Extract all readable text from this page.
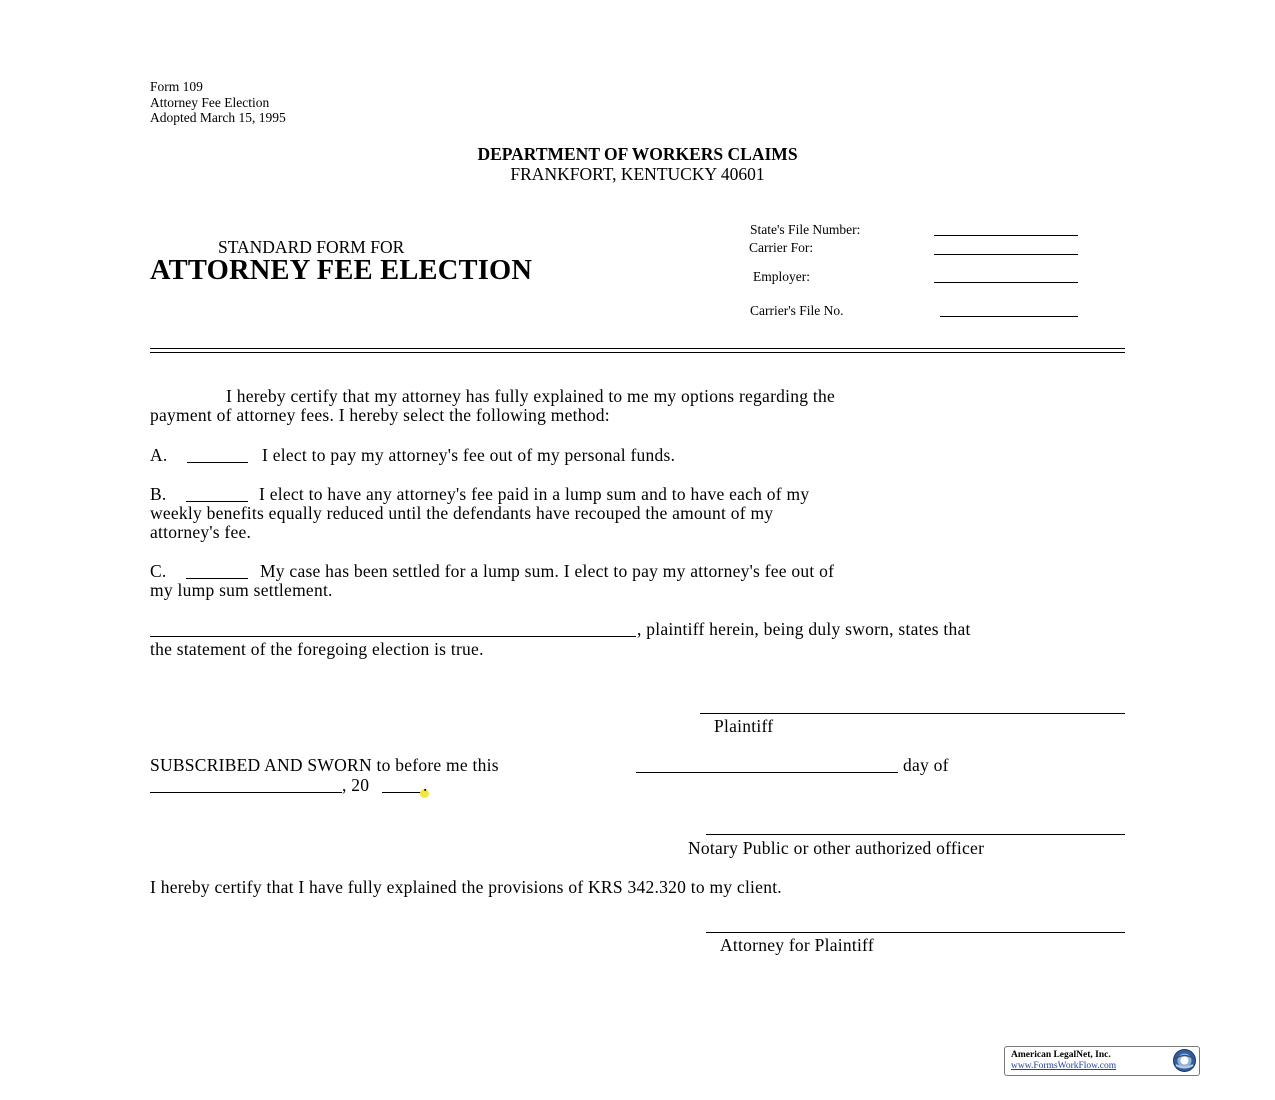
Form 109
Attorney Fee Election
Adopted March 15, 1995
DEPARTMENT OF WORKERS CLAIMS
FRANKFORT, KENTUCKY 40601
STANDARD FORM FOR
ATTORNEY FEE ELECTION
State's File Number:
Carrier For:
Employer:
Carrier's File No.
I hereby certify that my attorney has fully explained to me my options regarding the
payment of attorney fees. I hereby select the following method:
A.	I elect to pay my attorney's fee out of my personal funds.
B.	I elect to have any attorney's fee paid in a lump sum and to have each of my
weekly benefits equally reduced until the defendants have recouped the amount of my
attorney's fee.
C.	My case has been settled for a lump sum. I elect to pay my attorney's fee out of
my lump sum settlement.
, plaintiff herein, being duly sworn, states that
the statement of the foregoing election is true.
Plaintiff
SUBSCRIBED AND SWORN to before me this	day of
, 20	.
Notary Public or other authorized officer
I hereby certify that I have fully explained the provisions of KRS 342.320 to my client.
Attorney for Plaintiff
American LegalNet, Inc.
www.FormsWorkFlow.com
